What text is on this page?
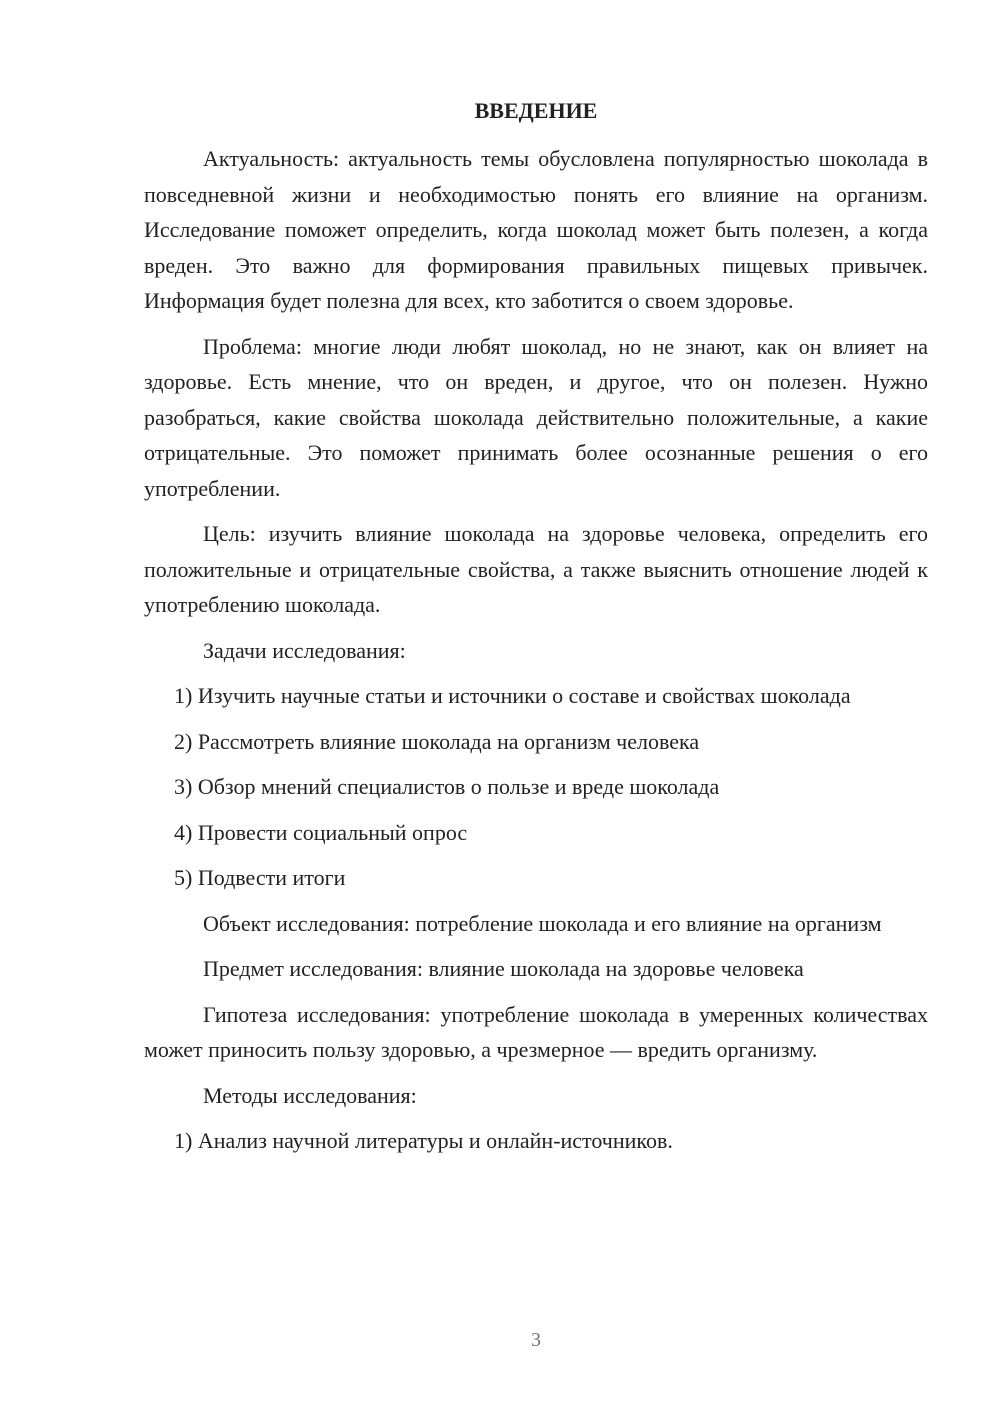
ВВЕДЕНИЕ

Актуальность: актуальность темы обусловлена популярностью шоколада в повседневной жизни и необходимостью понять его влияние на организм. Исследование поможет определить, когда шоколад может быть полезен, а когда вреден. Это важно для формирования правильных пищевых привычек. Информация будет полезна для всех, кто заботится о своем здоровье.

Проблема: многие люди любят шоколад, но не знают, как он влияет на здоровье. Есть мнение, что он вреден, и другое, что он полезен. Нужно разобраться, какие свойства шоколада действительно положительные, а какие отрицательные. Это поможет принимать более осознанные решения о его употреблении.

Цель: изучить влияние шоколада на здоровье человека, определить его положительные и отрицательные свойства, а также выяснить отношение людей к употреблению шоколада.

Задачи исследования:

1) Изучить научные статьи и источники о составе и свойствах шоколада
2) Рассмотреть влияние шоколада на организм человека
3) Обзор мнений специалистов о пользе и вреде шоколада
4) Провести социальный опрос
5) Подвести итоги

Объект исследования: потребление шоколада и его влияние на организм

Предмет исследования: влияние шоколада на здоровье человека

Гипотеза исследования: употребление шоколада в умеренных количествах может приносить пользу здоровью, а чрезмерное — вредить организму.

Методы исследования:

1) Анализ научной литературы и онлайн-источников.
3
